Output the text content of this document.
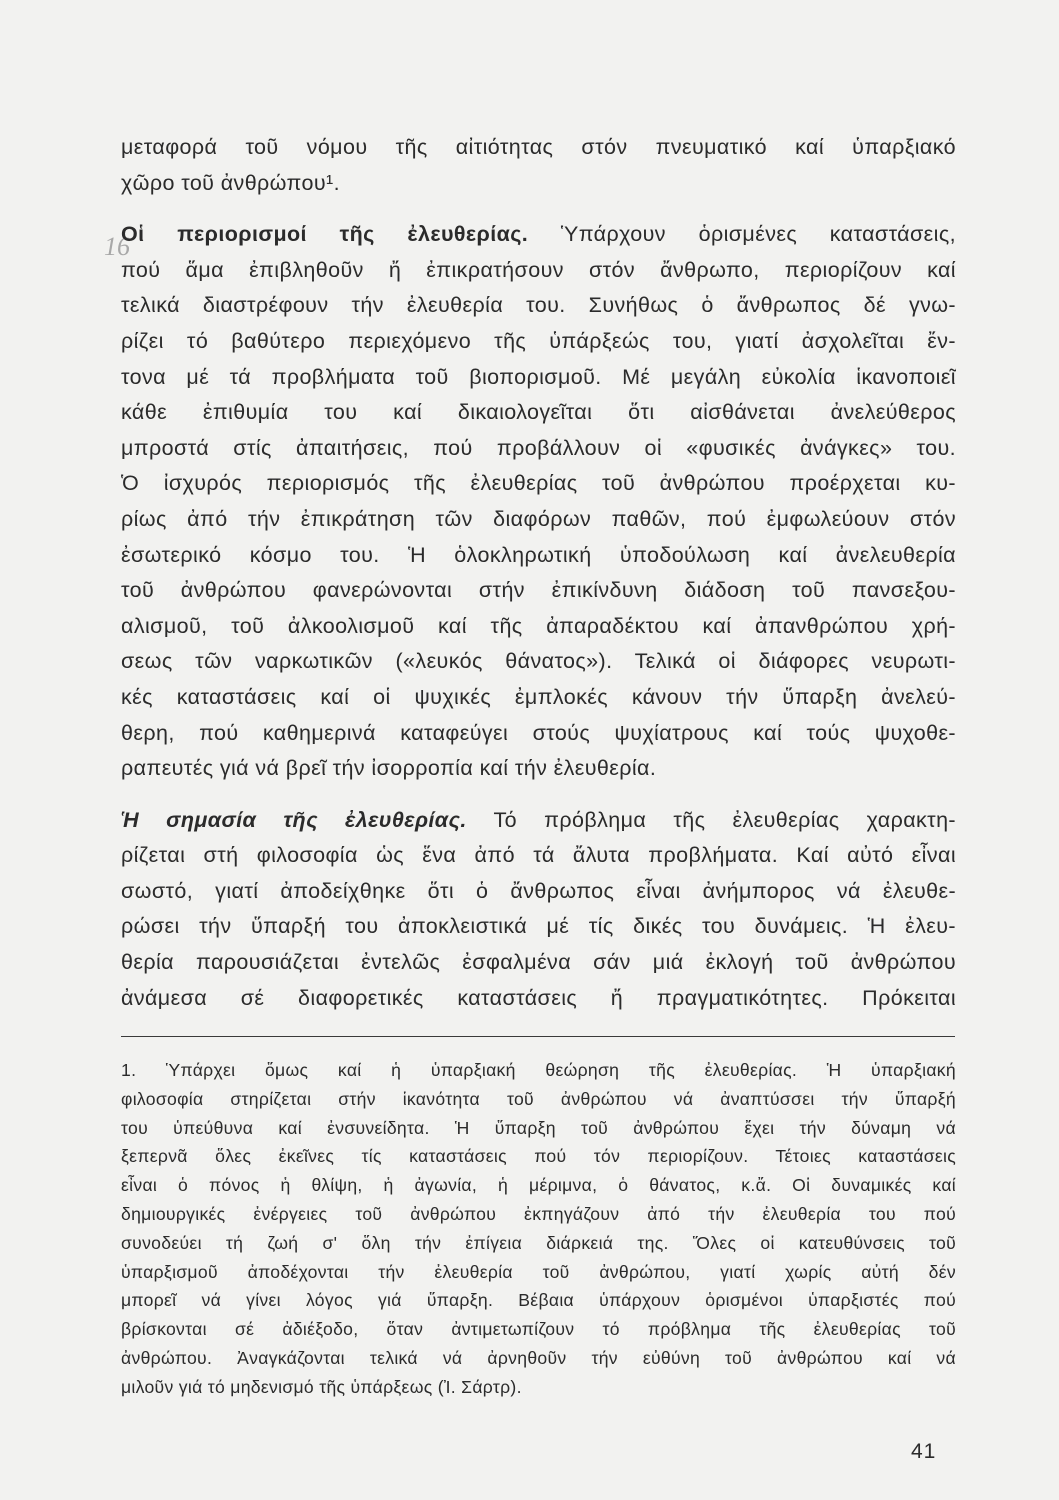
16
μεταφορά τοῦ νόμου τῆς αἰτιότητας στόν πνευματικό καί ὑπαρξιακό
χῶρο τοῦ ἀνθρώπου¹.
Οἱ περιορισμοί τῆς ἐλευθερίας. Ὑπάρχουν ὁρισμένες καταστάσεις,
πού ἅμα ἐπιβληθοῦν ἤ ἐπικρατήσουν στόν ἄνθρωπο, περιορίζουν καί
τελικά διαστρέφουν τήν ἐλευθερία του. Συνήθως ὁ ἄνθρωπος δέ γνω-
ρίζει τό βαθύτερο περιεχόμενο τῆς ὑπάρξεώς του, γιατί ἀσχολεῖται ἔν-
τονα μέ τά προβλήματα τοῦ βιοπορισμοῦ. Μέ μεγάλη εὐκολία ἱκανοποιεῖ
κάθε ἐπιθυμία του καί δικαιολογεῖται ὅτι αἰσθάνεται ἀνελεύθερος
μπροστά στίς ἀπαιτήσεις, πού προβάλλουν οἱ «φυσικές ἀνάγκες» του.
Ὁ ἰσχυρός περιορισμός τῆς ἐλευθερίας τοῦ ἀνθρώπου προέρχεται κυ-
ρίως ἀπό τήν ἐπικράτηση τῶν διαφόρων παθῶν, πού ἐμφωλεύουν στόν
ἐσωτερικό κόσμο του. Ἡ ὁλοκληρωτική ὑποδούλωση καί ἀνελευθερία
τοῦ ἀνθρώπου φανερώνονται στήν ἐπικίνδυνη διάδοση τοῦ πανσεξου-
αλισμοῦ, τοῦ ἀλκοολισμοῦ καί τῆς ἀπαραδέκτου καί ἀπανθρώπου χρή-
σεως τῶν ναρκωτικῶν («λευκός θάνατος»). Τελικά οἱ διάφορες νευρωτι-
κές καταστάσεις καί οἱ ψυχικές ἐμπλοκές κάνουν τήν ὕπαρξη ἀνελεύ-
θερη, πού καθημερινά καταφεύγει στούς ψυχίατρους καί τούς ψυχοθε-
ραπευτές γιά νά βρεῖ τήν ἰσορροπία καί τήν ἐλευθερία.
Ἡ σημασία τῆς ἐλευθερίας. Τό πρόβλημα τῆς ἐλευθερίας χαρακτη-
ρίζεται στή φιλοσοφία ὡς ἕνα ἀπό τά ἄλυτα προβλήματα. Καί αὐτό εἶναι
σωστό, γιατί ἀποδείχθηκε ὅτι ὁ ἄνθρωπος εἶναι ἀνήμπορος νά ἐλευθε-
ρώσει τήν ὕπαρξή του ἀποκλειστικά μέ τίς δικές του δυνάμεις. Ἡ ἐλευ-
θερία παρουσιάζεται ἐντελῶς ἐσφαλμένα σάν μιά ἐκλογή τοῦ ἀνθρώπου
ἀνάμεσα σέ διαφορετικές καταστάσεις ἤ πραγματικότητες. Πρόκειται
1. Ὑπάρχει ὅμως καί ἡ ὑπαρξιακή θεώρηση τῆς ἐλευθερίας. Ἡ ὑπαρξιακή
φιλοσοφία στηρίζεται στήν ἱκανότητα τοῦ ἀνθρώπου νά ἀναπτύσσει τήν ὕπαρξή
του ὑπεύθυνα καί ἐνσυνείδητα. Ἡ ὕπαρξη τοῦ ἀνθρώπου ἔχει τήν δύναμη νά
ξεπερνᾶ ὅλες ἐκεῖνες τίς καταστάσεις πού τόν περιορίζουν. Τέτοιες καταστάσεις
εἶναι ὁ πόνος ἡ θλίψη, ἡ ἀγωνία, ἡ μέριμνα, ὁ θάνατος, κ.ἄ. Οἱ δυναμικές καί
δημιουργικές ἐνέργειες τοῦ ἀνθρώπου ἐκπηγάζουν ἀπό τήν ἐλευθερία του πού
συνοδεύει τή ζωή σ' ὅλη τήν ἐπίγεια διάρκειά της. Ὅλες οἱ κατευθύνσεις τοῦ
ὑπαρξισμοῦ ἀποδέχονται τήν ἐλευθερία τοῦ ἀνθρώπου, γιατί χωρίς αὐτή δέν
μπορεῖ νά γίνει λόγος γιά ὕπαρξη. Βέβαια ὑπάρχουν ὁρισμένοι ὑπαρξιστές πού
βρίσκονται σέ ἀδιέξοδο, ὅταν ἀντιμετωπίζουν τό πρόβλημα τῆς ἐλευθερίας τοῦ
ἀνθρώπου. Ἀναγκάζονται τελικά νά ἀρνηθοῦν τήν εὐθύνη τοῦ ἀνθρώπου καί νά
μιλοῦν γιά τό μηδενισμό τῆς ὑπάρξεως (Ἰ. Σάρτρ).
41
